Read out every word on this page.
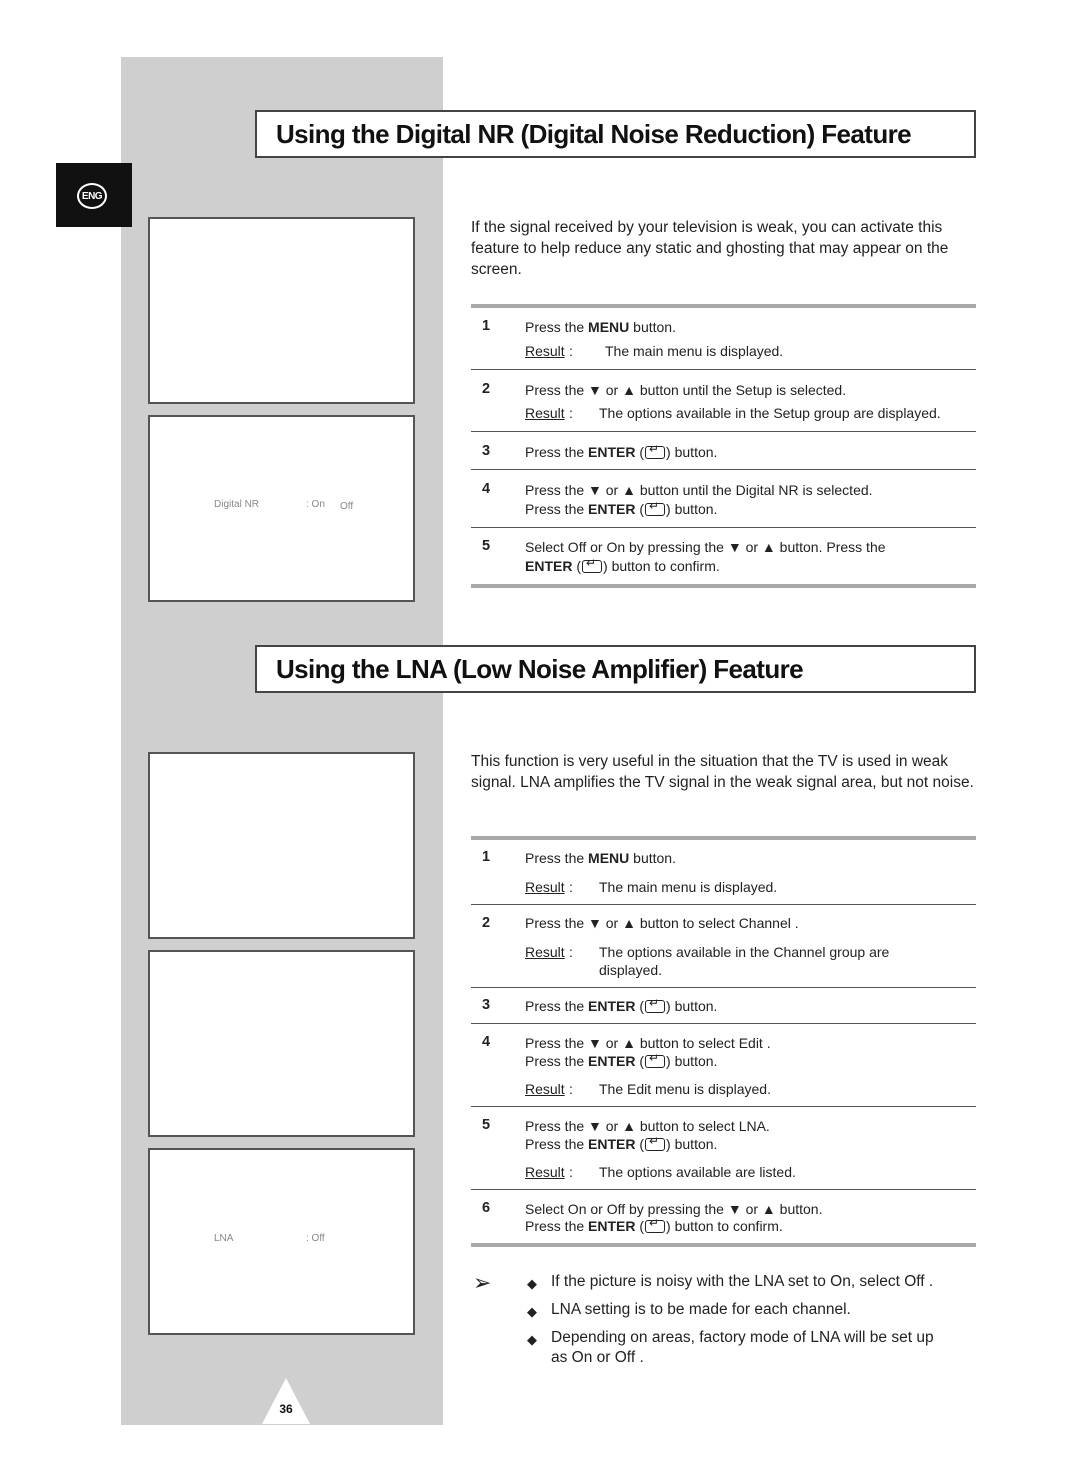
ENG
Using the Digital NR (Digital Noise Reduction) Feature
Digital NR	: On Off
If the signal received by your television is weak, you can activate this feature to help reduce any static and ghosting that may appear on the screen.
1 Press the MENU button.
Result : The main menu is displayed.
2 Press the ▼ or ▲ button until the Setup is selected.
Result : The options available in the Setup group are displayed.
3 Press the ENTER ( ↵ ) button.
4 Press the ▼ or ▲ button until the Digital NR is selected.
Press the ENTER ( ↵ ) button.
5 Select Off or On by pressing the ▼ or ▲ button. Press the
ENTER ( ↵ ) button to confirm.
Using the LNA (Low Noise Amplifier) Feature
LNA	: Off
This function is very useful in the situation that the TV is used in weak signal. LNA amplifies the TV signal in the weak signal area, but not noise.
1 Press the MENU button.
Result : The main menu is displayed.
2 Press the ▼ or ▲ button to select Channel .
Result : The options available in the Channel group are
displayed.
3 Press the ENTER ( ↵ ) button.
4 Press the ▼ or ▲ button to select Edit .
Press the ENTER ( ↵ ) button.
Result : The Edit menu is displayed.
5 Press the ▼ or ▲ button to select LNA.
Press the ENTER ( ↵ ) button.
Result : The options available are listed.
6 Select On or Off by pressing the ▼ or ▲ button.
Press the ENTER ( ↵ ) button to confirm.
➢	◆ If the picture is noisy with the LNA set to On, select Off .
◆ LNA setting is to be made for each channel.
◆ Depending on areas, factory mode of LNA will be set up
as On or Off .
36
